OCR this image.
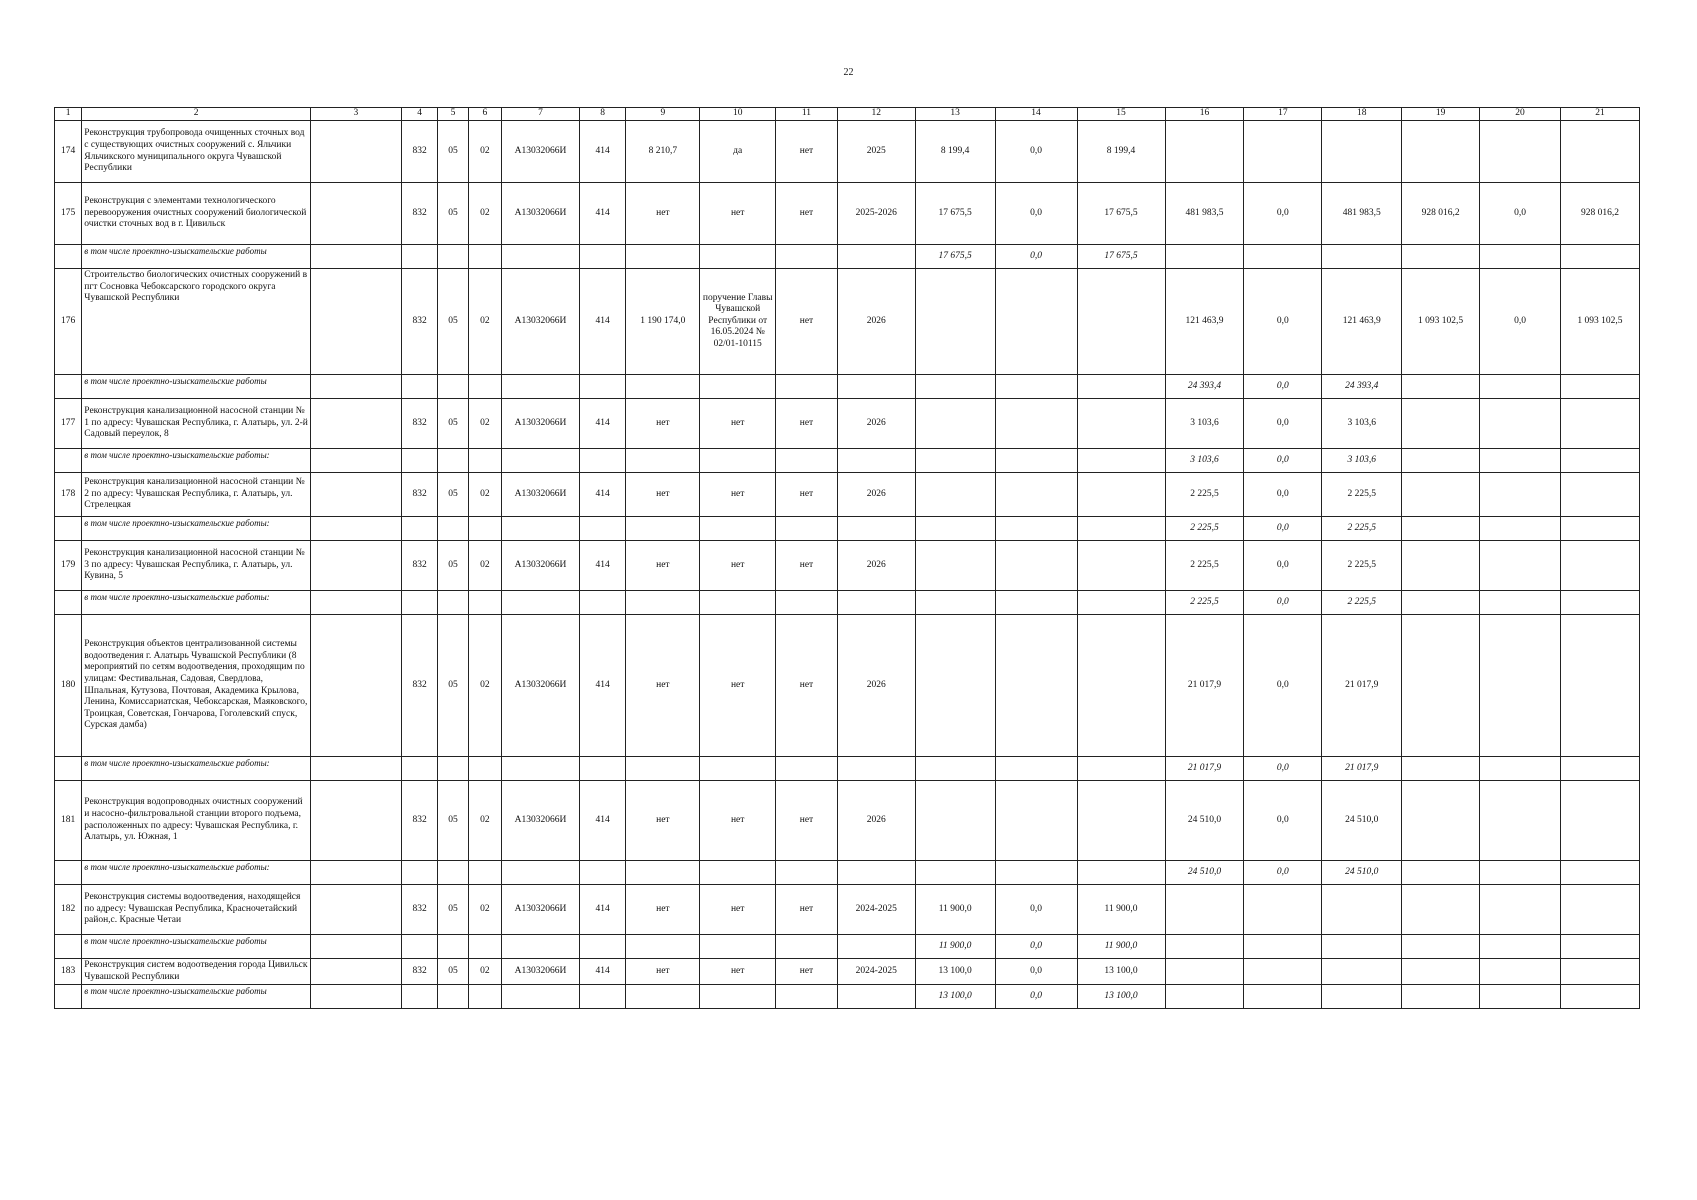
22
1	2	3	4	5	6	7	8	9	10	11	12	13	14	15	16	17	18	19	20	21
174	Реконструкция трубопровода очищенных сточных вод с существующих очистных сооружений с. Яльчики Яльчикского муниципального округа Чувашской Республики		832	05	02	А13032066И	414	8 210,7	да	нет	2025	8 199,4	0,0	8 199,4						
175	Реконструкция с элементами технологического перевооружения очистных сооружений биологической очистки сточных вод в г. Цивильск		832	05	02	А13032066И	414	нет	нет	нет	2025-2026	17 675,5	0,0	17 675,5	481 983,5	0,0	481 983,5	928 016,2	0,0	928 016,2
	в том числе проектно-изыскательские работы											17 675,5	0,0	17 675,5						
176	Строительство биологических очистных сооружений в пгт Сосновка Чебоксарского городского округа Чувашской Республики		832	05	02	А13032066И	414	1 190 174,0	поручение Главы Чувашской Республики от 16.05.2024 № 02/01-10115	нет	2026				121 463,9	0,0	121 463,9	1 093 102,5	0,0	1 093 102,5
	в том числе проектно-изыскательские работы														24 393,4	0,0	24 393,4			
177	Реконструкция канализационной насосной станции № 1 по адресу: Чувашская Республика, г. Алатырь, ул. 2-й Садовый переулок, 8		832	05	02	А13032066И	414	нет	нет	нет	2026				3 103,6	0,0	3 103,6			
	в том числе проектно-изыскательские работы:														3 103,6	0,0	3 103,6			
178	Реконструкция канализационной насосной станции № 2 по адресу: Чувашская Республика, г. Алатырь, ул. Стрелецкая		832	05	02	А13032066И	414	нет	нет	нет	2026				2 225,5	0,0	2 225,5			
	в том числе проектно-изыскательские работы:														2 225,5	0,0	2 225,5			
179	Реконструкция канализационной насосной станции № 3 по адресу: Чувашская Республика, г. Алатырь, ул. Кувина, 5		832	05	02	А13032066И	414	нет	нет	нет	2026				2 225,5	0,0	2 225,5			
	в том числе проектно-изыскательские работы:														2 225,5	0,0	2 225,5			
180	Реконструкция объектов централизованной системы водоотведения г. Алатырь Чувашской Республики (8 мероприятий по сетям водоотведения, проходящим по улицам: Фестивальная, Садовая, Свердлова, Шпальная, Кутузова, Почтовая, Академика Крылова, Ленина, Комиссариатская, Чебоксарская, Маяковского, Троицкая, Советская, Гончарова, Гоголевский спуск, Сурская дамба)		832	05	02	А13032066И	414	нет	нет	нет	2026				21 017,9	0,0	21 017,9			
	в том числе проектно-изыскательские работы:														21 017,9	0,0	21 017,9			
181	Реконструкция водопроводных очистных сооружений и насосно-фильтровальной станции второго подъема, расположенных по адресу: Чувашская Республика, г. Алатырь, ул. Южная, 1		832	05	02	А13032066И	414	нет	нет	нет	2026				24 510,0	0,0	24 510,0			
	в том числе проектно-изыскательские работы:														24 510,0	0,0	24 510,0			
182	Реконструкция системы водоотведения, находящейся по адресу: Чувашская Республика, Красночетайский район,с. Красные Четаи		832	05	02	А13032066И	414	нет	нет	нет	2024-2025	11 900,0	0,0	11 900,0						
	в том числе проектно-изыскательские работы											11 900,0	0,0	11 900,0						
183	Реконструкция систем водоотведения города Цивильск Чувашской Республики		832	05	02	А13032066И	414	нет	нет	нет	2024-2025	13 100,0	0,0	13 100,0						
	в том числе проектно-изыскательские работы											13 100,0	0,0	13 100,0						
